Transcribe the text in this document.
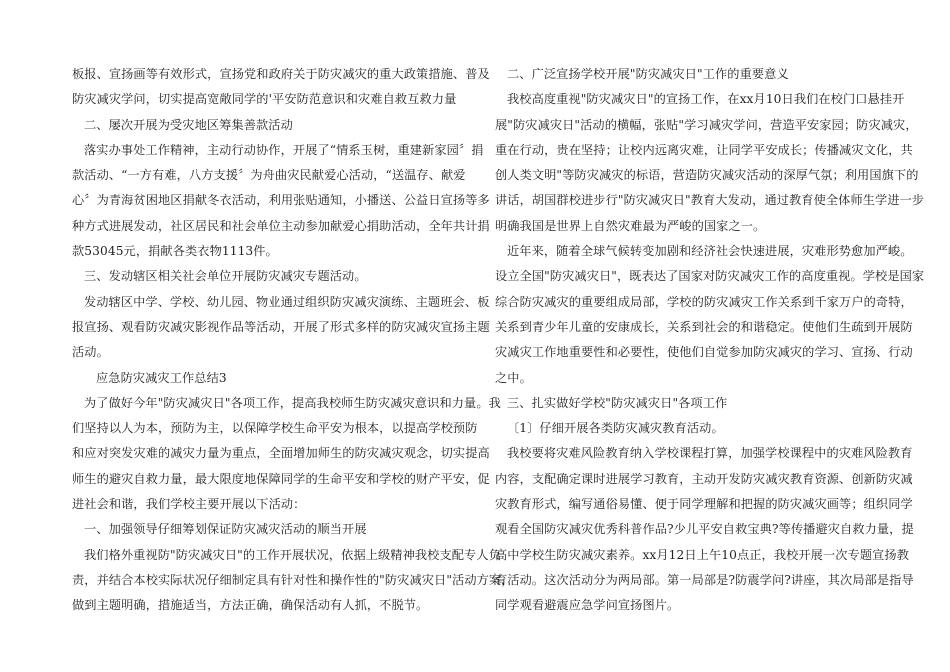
板报、宣扬画等有效形式，宣扬党和政府关于防灾减灾的重大政策措施、普及
防灾减灾学问，切实提高宽敞同学的'平安防范意识和灾难自救互救力量
二、屡次开展为受灾地区筹集善款活动
落实办事处工作精神，主动行动协作，开展了“情系玉树，重建新家园〞捐
款活动、“一方有难，八方支援〞为舟曲灾民献爱心活动，“送温存、献爱
心〞为青海贫困地区捐献冬衣活动，利用张贴通知，小播送、公益日宣扬等多
种方式进展发动，社区居民和社会单位主动参加献爱心捐助活动，全年共计捐
款53045元，捐献各类衣物1113件。
三、发动辖区相关社会单位开展防灾减灾专题活动。
发动辖区中学、学校、幼儿园、物业通过组织防灾减灾演练、主题班会、板
报宣扬、观看防灾减灾影视作品等活动，开展了形式多样的防灾减灾宣扬主题
活动。
应急防灾减灾工作总结3
为了做好今年"防灾减灾日"各项工作，提高我校师生防灾减灾意识和力量。我
们坚持以人为本，预防为主，以保障学校生命平安为根本，以提高学校预防
和应对突发灾难的减灾力量为重点，全面增加师生的防灾减灾观念，切实提高
师生的避灾自救力量，最大限度地保障同学的生命平安和学校的财产平安，促
进社会和谐，我们学校主要开展以下活动：
一、加强领导仔细筹划保证防灾减灾活动的顺当开展
我们格外重视防"防灾减灾日"的工作开展状况，依据上级精神我校支配专人负
责，并结合本校实际状况仔细制定具有针对性和操作性的"防灾减灾日"活动方案，
做到主题明确，措施适当，方法正确，确保活动有人抓，不脱节。
二、广泛宣扬学校开展"防灾减灾日"工作的重要意义
我校高度重视"防灾减灾日"的宣扬工作，在xx月10日我们在校门口悬挂开
展"防灾减灾日"活动的横幅，张贴"学习减灾学问，营造平安家园；防灾减灾，
重在行动，贵在坚持；让校内远离灾难，让同学平安成长；传播减灾文化，共
创人类文明"等防灾减灾的标语，营造防灾减灾活动的深厚气氛；利用国旗下的
讲话，胡国群校进步行"防灾减灾日"教育大发动，通过教育使全体师生学进一步
明确我国是世界上自然灾难最为严峻的国家之一。
近年来，随着全球气候转变加剧和经济社会快速进展，灾难形势愈加严峻。
设立全国"防灾减灾日"，既表达了国家对防灾减灾工作的高度重视。学校是国家
综合防灾减灾的重要组成局部，学校的防灾减灾工作关系到千家万户的奇特，
关系到青少年儿童的安康成长，关系到社会的和谐稳定。使他们生疏到开展防
灾减灾工作地重要性和必要性，使他们自觉参加防灾减灾的学习、宣扬、行动
之中。
三、扎实做好学校"防灾减灾日"各项工作
〔1〕仔细开展各类防灾减灾教育活动。
我校要将灾难风险教育纳入学校课程打算，加强学校课程中的灾难风险教育
内容，支配确定课时进展学习教育，主动开发防灾减灾教育资源、创新防灾减
灾教育形式，编写通俗易懂、便于同学理解和把握的防灾减灾画等；组织同学
观看全国防灾减灾优秀科普作品?少儿平安自救宝典?等传播避灾自救力量，提
高中学校生防灾减灾素养。xx月12日上午10点正，我校开展一次专题宣扬教
育活动。这次活动分为两局部。第一局部是?防震学问?讲座，其次局部是指导
同学观看避震应急学问宣扬图片。
